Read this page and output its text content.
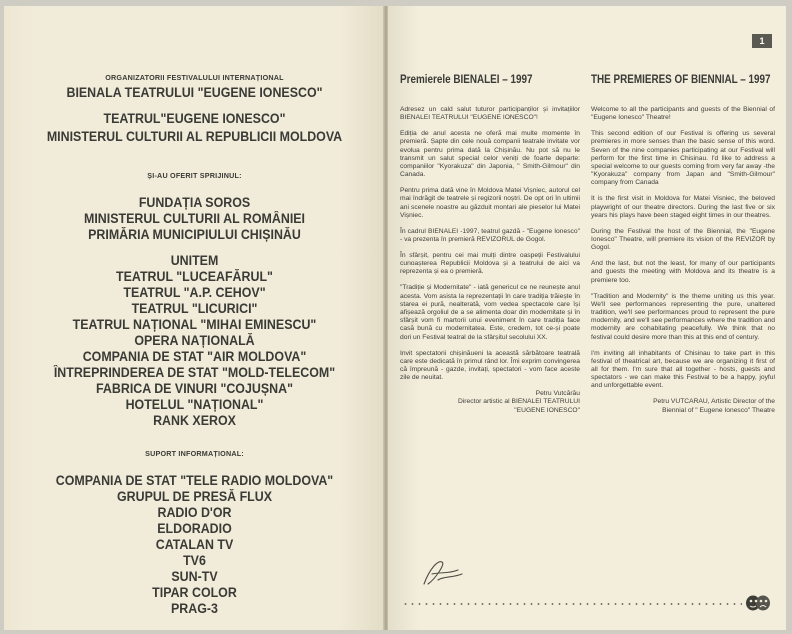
ORGANIZATORII FESTIVALULUI INTERNAȚIONAL
BIENALA TEATRULUI "EUGENE IONESCO"
TEATRUL"EUGENE IONESCO"
MINISTERUL CULTURII AL REPUBLICII MOLDOVA
ȘI-AU OFERIT SPRIJINUL:
FUNDAȚIA SOROS
MINISTERUL CULTURII AL ROMÂNIEI
PRIMĂRIA MUNICIPIULUI CHIȘINĂU
UNITEM
TEATRUL "LUCEAFĂRUL"
TEATRUL "A.P. CEHOV"
TEATRUL "LICURICI"
TEATRUL NAȚIONAL "MIHAI EMINESCU"
OPERA NAȚIONALĂ
COMPANIA DE STAT "AIR MOLDOVA"
ÎNTREPRINDEREA DE STAT "MOLD-TELECOM"
FABRICA DE VINURI "COJUȘNA"
HOTELUL "NAȚIONAL"
RANK XEROX
SUPORT INFORMAȚIONAL:
COMPANIA DE STAT "TELE RADIO MOLDOVA"
GRUPUL DE PRESĂ FLUX
RADIO D'OR
ELDORADIO
CATALAN TV
TV6
SUN-TV
TIPAR COLOR
PRAG-3
1
Premierele BIENALEI – 1997	THE PREMIERES OF BIENNIAL – 1997

Adresez un cald salut tuturor participanților și invitațiilor BIENALEI TEATRULUI "EUGENE IONESCO"!

Ediția de anul acesta ne oferă mai multe momente în premieră. Șapte din cele nouă companii teatrale invitate vor evolua pentru prima dată la Chișinău. Nu pot să nu le transmit un salut special celor veniți de foarte departe: companiilor "Kyorakuza" din Japonia, " Smith-Gilmour" din Canada.

Pentru prima dată vine în Moldova Matei Vișniec, autorul cel mai îndrăgit de teatrele și regizorii noștri. De opt ori în ultimii ani scenele noastre au găzduit montari ale pieselor lui Matei Vișniec.

În cadrul BIENALEI -1997, teatrul gazdă - "Eugene Ionesco" - va prezenta în premieră REVIZORUL de Gogol.

În sfârșit, pentru cei mai mulți dintre oaspeții Festivalului cunoașterea Republicii Moldova și a teatrului de aici va reprezenta și ea o premieră.

"Tradiție și Modernitate" - iată genericul ce ne reunește anul acesta. Vom asista la reprezentații în care tradiția trăiește în starea ei pură, nealterată, vom vedea spectacole care își afișează orgoliul de a se alimenta doar din modernitate și în sfârșit vom fi martorii unui eveniment în care tradiția face casă bună cu modernitatea. Este, credem, tot ce-și poate dori un Festival teatral de la sfârșitul secolului XX.

Invit spectatorii chișinăueni la această sărbătoare teatrală care este dedicată în primul rând lor. Îmi exprim convingerea că împreună - gazde, invitați, spectatori - vom face aceste zile de neuitat.

Petru Vutcărău
Director artistic al BIENALEI TEATRULUI
"EUGENE IONESCO"

Welcome to all the participants and guests of the Biennial of "Eugene Ionesco" Theatre!

This second edition of our Festival is offering us several premieres in more senses than the basic sense of this word. Seven of the nine companies participating at our Festival will perform for the first time in Chisinau. I'd like to address a special welcome to our guests coming from very far away -the "Kyorakuza" company from Japan and "Smith-Gilmour" company from Canada

It is the first visit in Moldova for Matei Visniec, the beloved playwright of our theatre directors. During the last five or six years his plays have been staged eight times in our theatres.

During the Festival the host of the Biennial, the "Eugene Ionesco" Theatre, will premiere its vision of the REVIZOR by Gogol.

And the last, but not the least, for many of our participants and guests the meeting with Moldova and its theatre is a premiere too.

"Tradition and Modernity" is the theme uniting us this year. We'll see performances representing the pure, unaltered tradition, we'll see performances proud to represent the pure modernity, and we'll see performances where the tradition and modernity are cohabitating peacefully. We think that no festival could desire more than this at this end of century.

I'm inviting all inhabitants of Chisinau to take part in this festival of theatrical art, because we are organizing it first of all for them. I'm sure that all together - hosts, guests and spectators - we can make this Festival to be a happy, joyful and unforgettable event.

Petru VUTCARAU, Artistic Director of the
Biennial of " Eugene Ionesco" Theatre
